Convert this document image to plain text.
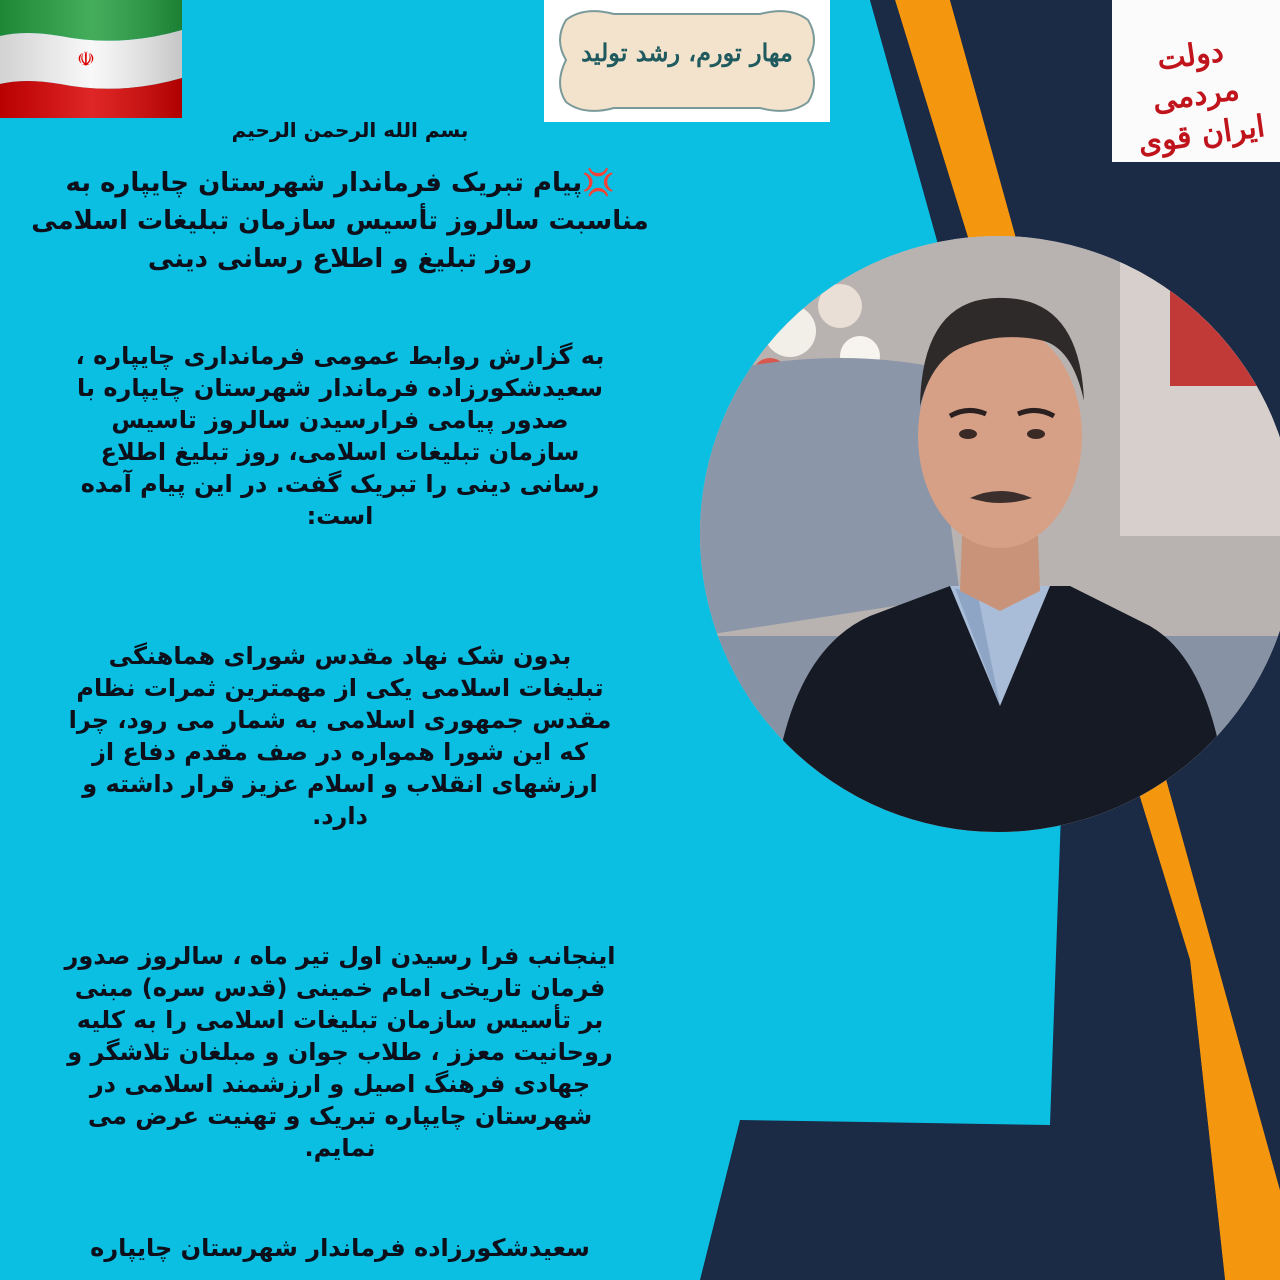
☫	مهار تورم، رشد تولید	دولت مردمی ایران قوی
بسم الله الرحمن الرحیم
💢پیام تبریک فرماندار شهرستان چایپاره به مناسبت سالروز تأسیس سازمان تبلیغات اسلامی روز تبلیغ و اطلاع رسانی دینی
به گزارش روابط عمومی فرمانداری چایپاره ،
سعیدشکورزاده فرماندار شهرستان چایپاره با
صدور پیامی فرارسیدن سالروز تاسیس
سازمان تبلیغات اسلامی، روز تبلیغ اطلاع
رسانی دینی را تبریک گفت. در این پیام آمده
است:
بدون شک نهاد مقدس شورای هماهنگی
تبلیغات اسلامی یکی از مهمترین ثمرات نظام
مقدس جمهوری اسلامی به شمار می رود، چرا
که این شورا همواره در صف مقدم دفاع از
ارزشهای انقلاب و اسلام عزیز قرار داشته و
دارد.
اینجانب فرا رسیدن اول تیر ماه ، سالروز صدور
فرمان تاریخی امام خمینی (قدس سره) مبنی
بر تأسیس سازمان تبلیغات اسلامی را به کلیه
روحانیت معزز ، طلاب جوان و مبلغان تلاشگر و
جهادی فرهنگ اصیل و ارزشمند اسلامی در
شهرستان چایپاره تبریک و تهنیت عرض می
نمایم.
سعیدشکورزاده فرماندار شهرستان چایپاره
